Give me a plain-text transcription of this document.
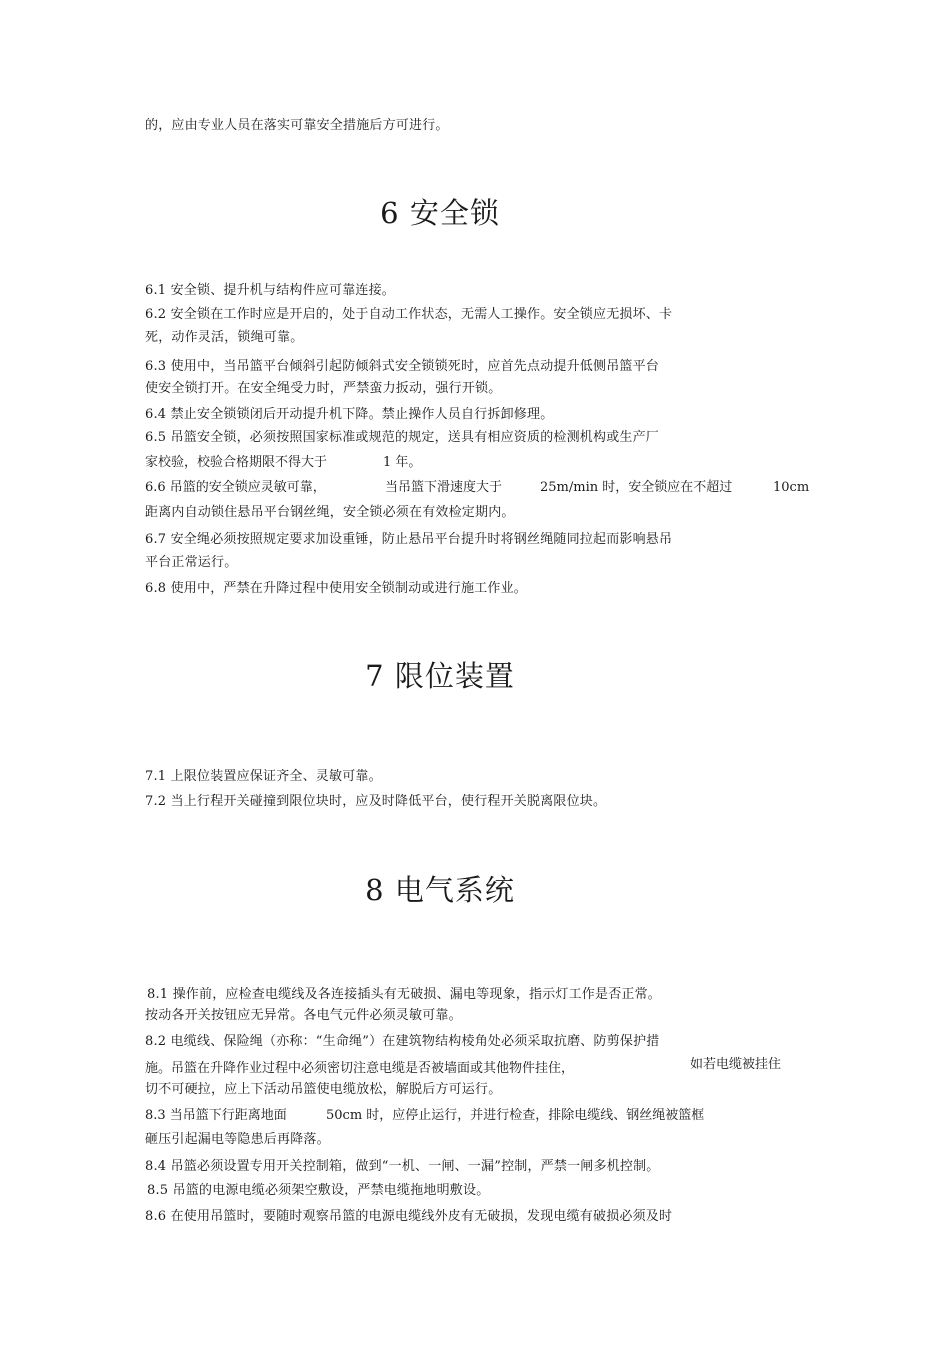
的，应由专业人员在落实可靠安全措施后方可进行。
6 安全锁
6.1 安全锁、提升机与结构件应可靠连接。
6.2 安全锁在工作时应是开启的，处于自动工作状态，无需人工操作。安全锁应无损坏、卡
死，动作灵活，锁绳可靠。
6.3 使用中，当吊篮平台倾斜引起防倾斜式安全锁锁死时，应首先点动提升低侧吊篮平台
使安全锁打开。在安全绳受力时，严禁蛮力扳动，强行开锁。
6.4 禁止安全锁锁闭后开动提升机下降。禁止操作人员自行拆卸修理。
6.5 吊篮安全锁，必须按照国家标准或规范的规定，送具有相应资质的检测机构或生产厂
家校验，校验合格期限不得大于	1 年。
6.6 吊篮的安全锁应灵敏可靠，	当吊篮下滑速度大于	25m/min 时，安全锁应在不超过	10cm
距离内自动锁住悬吊平台钢丝绳，安全锁必须在有效检定期内。
6.7 安全绳必须按照规定要求加设重锤，防止悬吊平台提升时将钢丝绳随同拉起而影响悬吊
平台正常运行。
6.8 使用中，严禁在升降过程中使用安全锁制动或进行施工作业。
7 限位装置
7.1 上限位装置应保证齐全、灵敏可靠。
7.2 当上行程开关碰撞到限位块时，应及时降低平台，使行程开关脱离限位块。
8 电气系统
8.1 操作前，应检查电缆线及各连接插头有无破损、漏电等现象，指示灯工作是否正常。
按动各开关按钮应无异常。各电气元件必须灵敏可靠。
8.2 电缆线、保险绳（亦称：“生命绳”）在建筑物结构棱角处必须采取抗磨、防剪保护措
施。吊篮在升降作业过程中必须密切注意电缆是否被墙面或其他物件挂住，	如若电缆被挂住
切不可硬拉，应上下活动吊篮使电缆放松，解脱后方可运行。
8.3 当吊篮下行距离地面	50cm 时，应停止运行，并进行检查，排除电缆线、钢丝绳被篮框
砸压引起漏电等隐患后再降落。
8.4 吊篮必须设置专用开关控制箱，做到“一机、一闸、一漏”控制，严禁一闸多机控制。
8.5 吊篮的电源电缆必须架空敷设，严禁电缆拖地明敷设。
8.6 在使用吊篮时，要随时观察吊篮的电源电缆线外皮有无破损，发现电缆有破损必须及时
